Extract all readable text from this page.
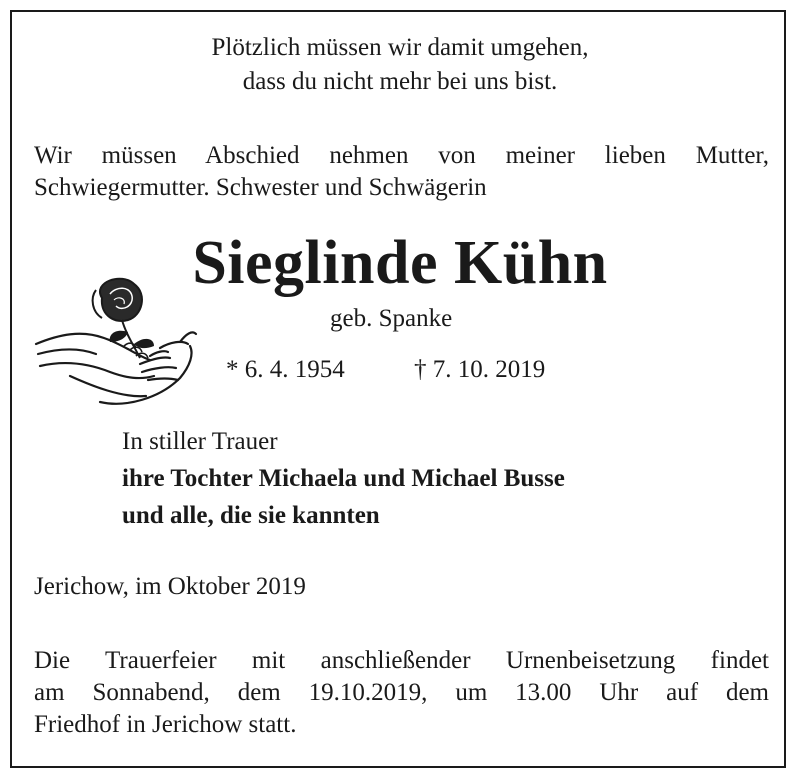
Plötzlich müssen wir damit umgehen,
dass du nicht mehr bei uns bist.
Wir müssen Abschied nehmen von meiner lieben Mutter,
Schwiegermutter. Schwester und Schwägerin
Sieglinde Kühn
geb. Spanke
* 6. 4. 1954	† 7. 10. 2019
In stiller Trauer
ihre Tochter Michaela und Michael Busse
und alle, die sie kannten
Jerichow, im Oktober 2019
Die Trauerfeier mit anschließender Urnenbeisetzung findet
am Sonnabend, dem 19.10.2019, um 13.00 Uhr auf dem
Friedhof in Jerichow statt.
